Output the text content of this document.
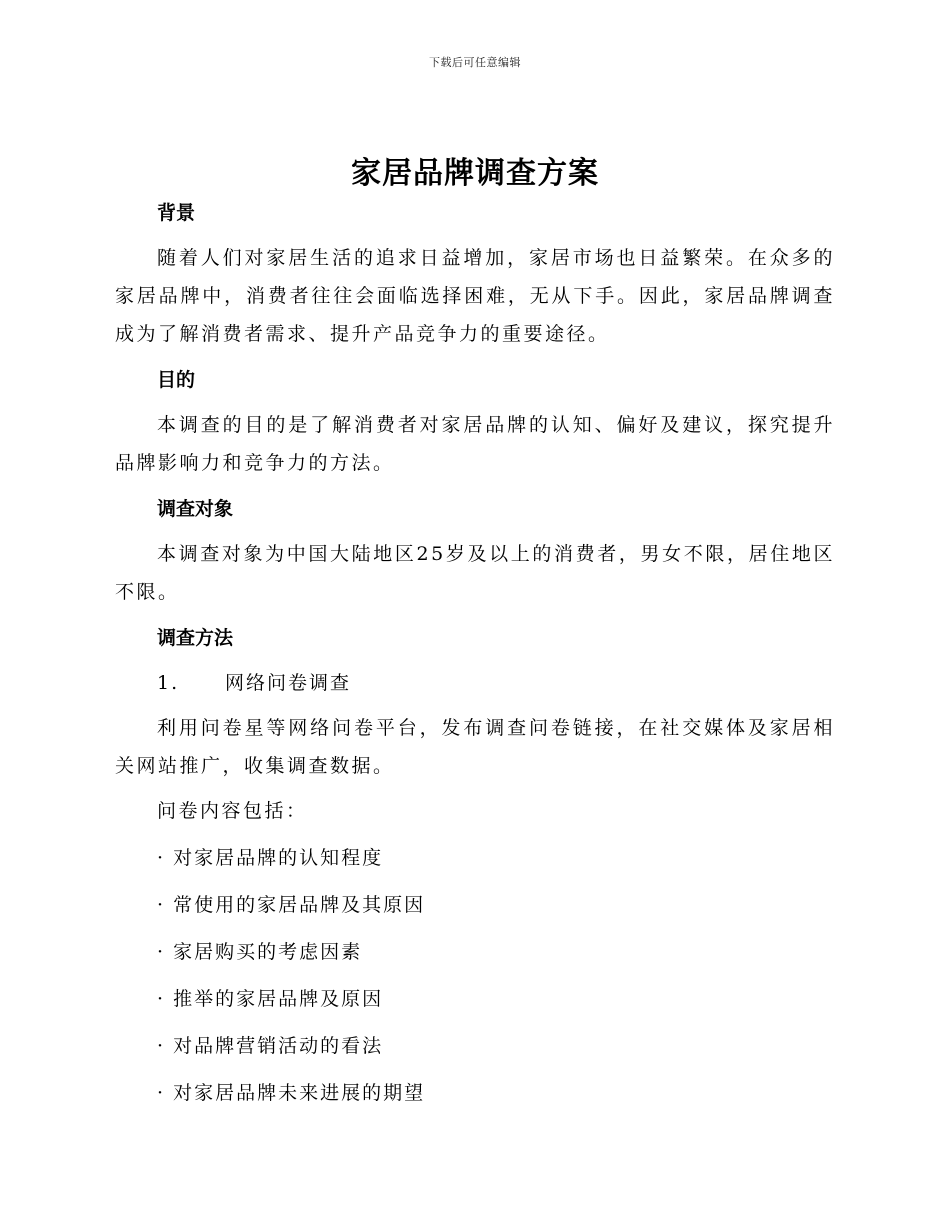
下载后可任意编辑
家居品牌调查方案
背景
随着人们对家居生活的追求日益增加，家居市场也日益繁荣。在众多的家居品牌中，消费者往往会面临选择困难，无从下手。因此，家居品牌调查成为了解消费者需求、提升产品竞争力的重要途径。
目的
本调查的目的是了解消费者对家居品牌的认知、偏好及建议，探究提升品牌影响力和竞争力的方法。
调查对象
本调查对象为中国大陆地区25岁及以上的消费者，男女不限，居住地区不限。
调查方法
1. 网络问卷调查
利用问卷星等网络问卷平台，发布调查问卷链接，在社交媒体及家居相关网站推广，收集调查数据。
问卷内容包括：
· 对家居品牌的认知程度
· 常使用的家居品牌及其原因
· 家居购买的考虑因素
· 推举的家居品牌及原因
· 对品牌营销活动的看法
· 对家居品牌未来进展的期望
